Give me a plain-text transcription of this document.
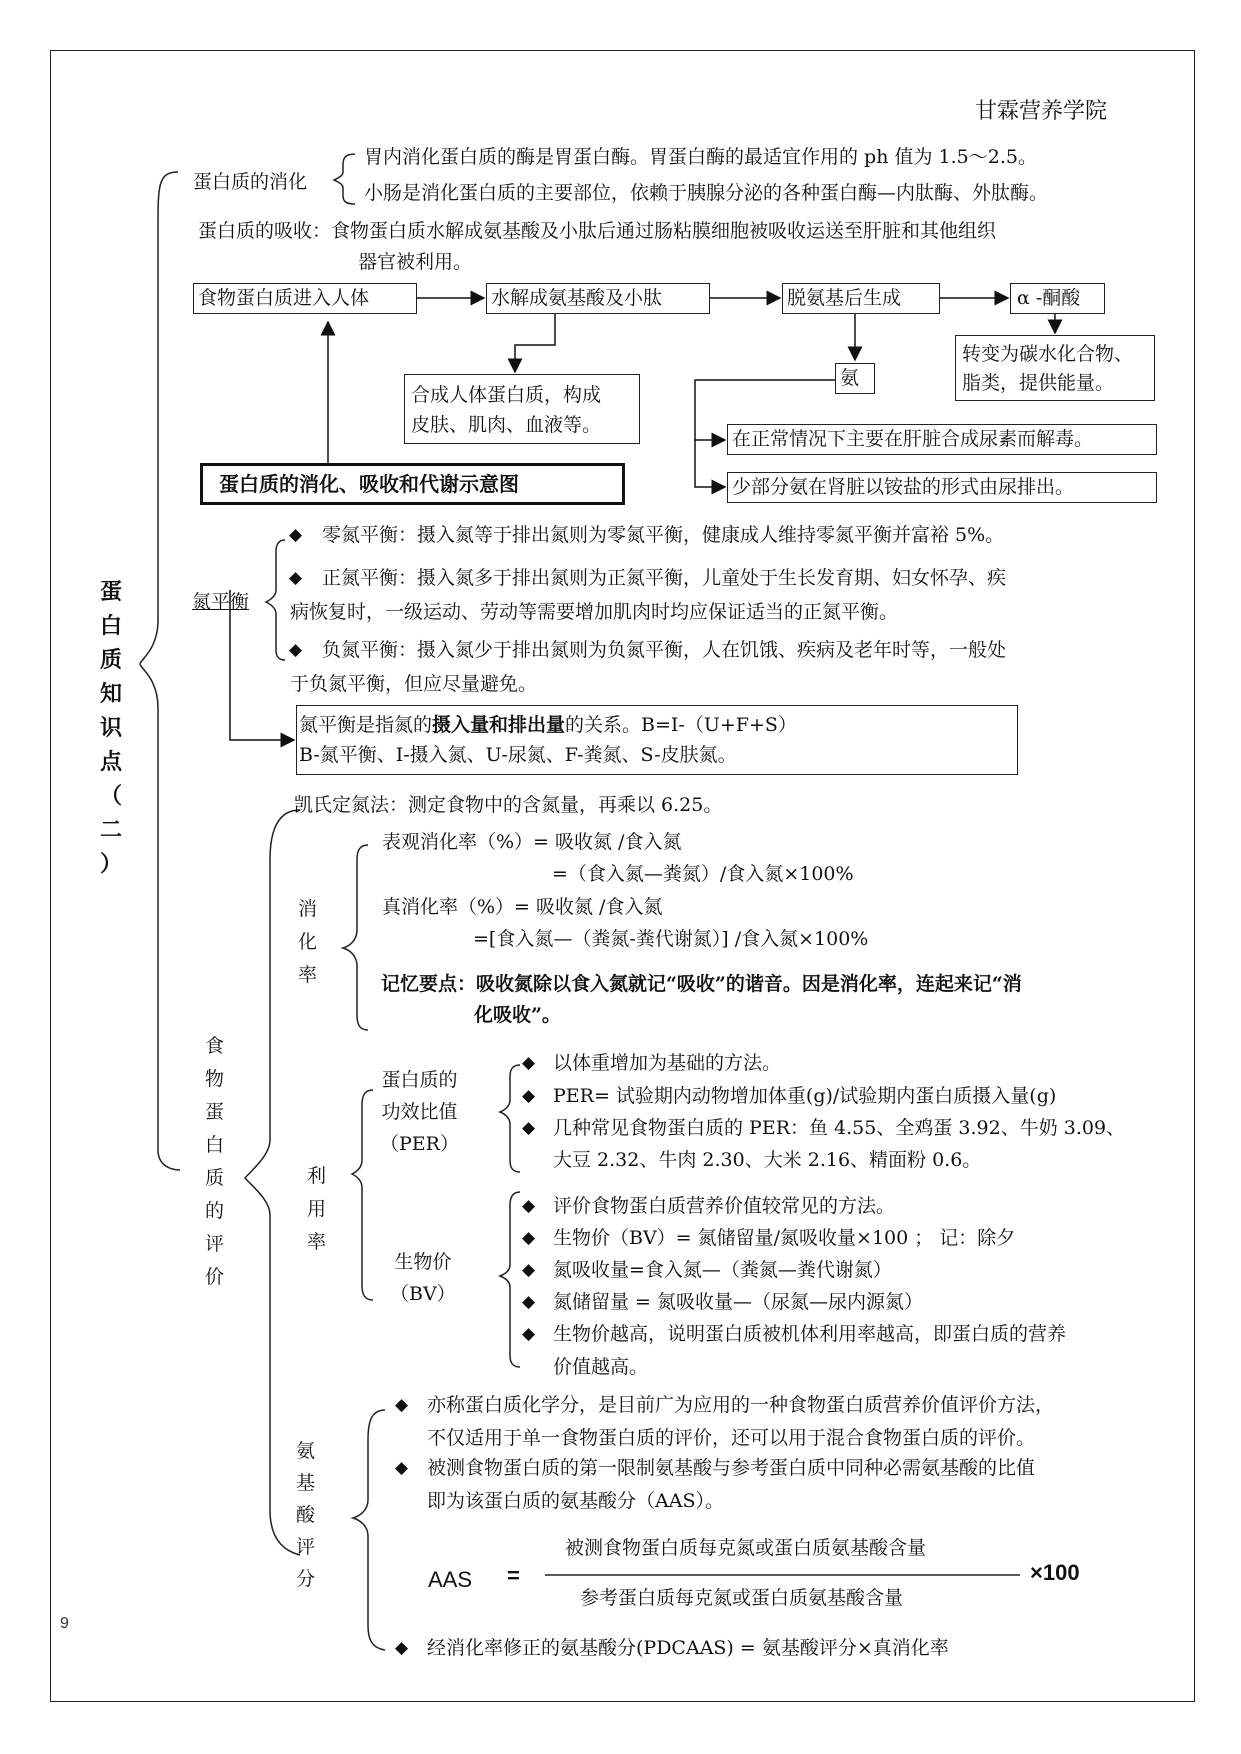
甘霖营养学院
蛋
白
质
知
识
点
（
二
）
蛋白质的消化
胃内消化蛋白质的酶是胃蛋白酶。胃蛋白酶的最适宜作用的 ph 值为 1.5～2.5。
小肠是消化蛋白质的主要部位，依赖于胰腺分泌的各种蛋白酶—内肽酶、外肽酶。
蛋白质的吸收：食物蛋白质水解成氨基酸及小肽后通过肠粘膜细胞被吸收运送至肝脏和其他组织
器官被利用。
食物蛋白质进入人体	水解成氨基酸及小肽	脱氨基后生成	α -酮酸
转变为碳水化合物、
脂类，提供能量。
合成人体蛋白质，构成
皮肤、肌肉、血液等。
氨
在正常情况下主要在肝脏合成尿素而解毒。
少部分氨在肾脏以铵盐的形式由尿排出。
蛋白质的消化、吸收和代谢示意图
氮平衡
◆ 零氮平衡：摄入氮等于排出氮则为零氮平衡，健康成人维持零氮平衡并富裕 5%。
◆ 正氮平衡：摄入氮多于排出氮则为正氮平衡，儿童处于生长发育期、妇女怀孕、疾
病恢复时，一级运动、劳动等需要增加肌肉时均应保证适当的正氮平衡。
◆ 负氮平衡：摄入氮少于排出氮则为负氮平衡，人在饥饿、疾病及老年时等，一般处
于负氮平衡，但应尽量避免。
氮平衡是指氮的摄入量和排出量的关系。B=I-（U+F+S）
B-氮平衡、I-摄入氮、U-尿氮、F-粪氮、S-皮肤氮。
食
物
蛋
白
质
的
评
价
凯氏定氮法：测定食物中的含氮量，再乘以 6.25。
消
化
率
表观消化率（%）= 吸收氮 /食入氮
=（食入氮—粪氮）/食入氮×100%
真消化率（%）= 吸收氮 /食入氮
=[食入氮—（粪氮-粪代谢氮）] /食入氮×100%
记忆要点：吸收氮除以食入氮就记“吸收”的谐音。因是消化率，连起来记“消
化吸收”。
利
用
率
蛋白质的
功效比值
（PER）
◆ 以体重增加为基础的方法。
◆ PER= 试验期内动物增加体重(g)/试验期内蛋白质摄入量(g)
◆ 几种常见食物蛋白质的 PER：鱼 4.55、全鸡蛋 3.92、牛奶 3.09、
大豆 2.32、牛肉 2.30、大米 2.16、精面粉 0.6。
生物价
（BV）
◆ 评价食物蛋白质营养价值较常见的方法。
◆ 生物价（BV）= 氮储留量/氮吸收量×100 ； 记：除夕
◆ 氮吸收量=食入氮—（粪氮—粪代谢氮）
◆ 氮储留量 = 氮吸收量—（尿氮—尿内源氮）
◆ 生物价越高，说明蛋白质被机体利用率越高，即蛋白质的营养
价值越高。
氨
基
酸
评
分
◆ 亦称蛋白质化学分，是目前广为应用的一种食物蛋白质营养价值评价方法，
不仅适用于单一食物蛋白质的评价，还可以用于混合食物蛋白质的评价。
◆ 被测食物蛋白质的第一限制氨基酸与参考蛋白质中同种必需氨基酸的比值
即为该蛋白质的氨基酸分（AAS）。
AAS =
被测食物蛋白质每克氮或蛋白质氨基酸含量
参考蛋白质每克氮或蛋白质氨基酸含量
×100
◆ 经消化率修正的氨基酸分(PDCAAS) = 氨基酸评分×真消化率
9
